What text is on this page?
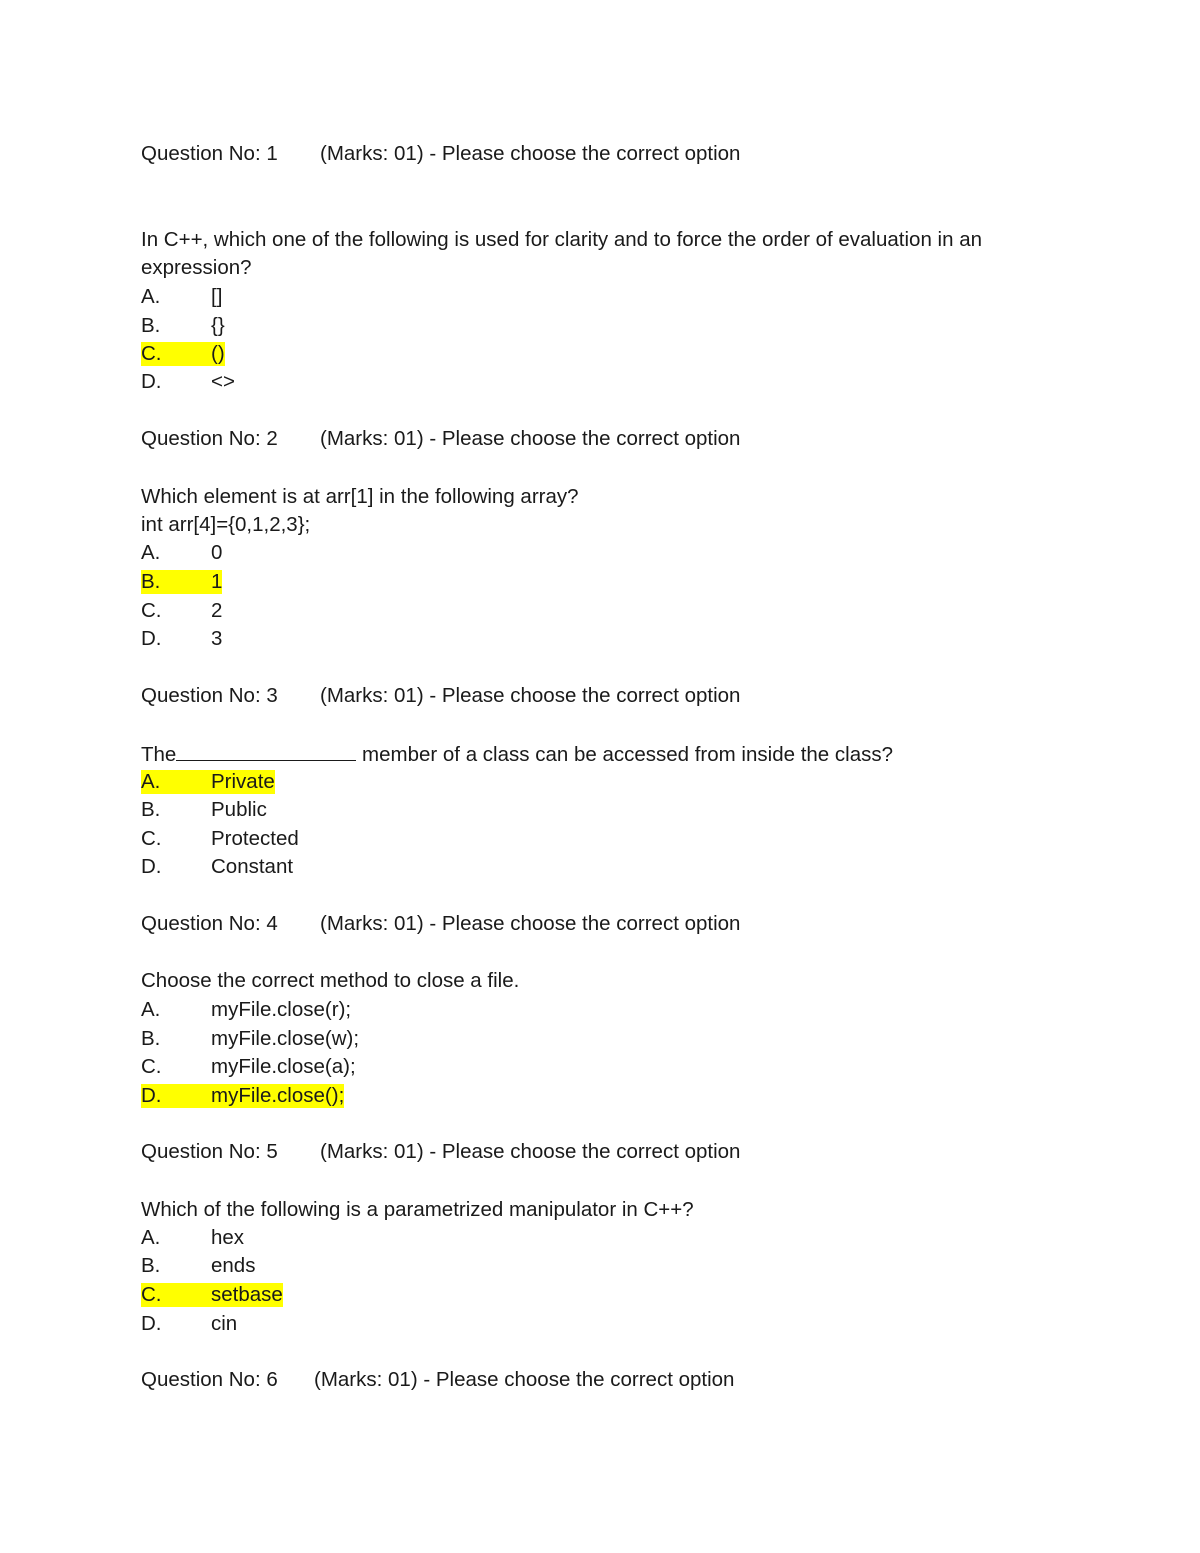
Question No: 1 (Marks: 01) - Please choose the correct option
In C++, which one of the following is used for clarity and to force the order of evaluation in an
expression?
A. []
B. {}
C. ()
D. <>
Question No: 2 (Marks: 01) - Please choose the correct option
Which element is at arr[1] in the following array?
int arr[4]={0,1,2,3};
A. 0
B. 1
C. 2
D. 3
Question No: 3 (Marks: 01) - Please choose the correct option
The	member of a class can be accessed from inside the class?
A. Private
B. Public
C. Protected
D. Constant
Question No: 4 (Marks: 01) - Please choose the correct option
Choose the correct method to close a file.
A. myFile.close(r);
B. myFile.close(w);
C. myFile.close(a);
D. myFile.close();
Question No: 5 (Marks: 01) - Please choose the correct option
Which of the following is a parametrized manipulator in C++?
A. hex
B. ends
C. setbase
D. cin
Question No: 6 (Marks: 01) - Please choose the correct option
